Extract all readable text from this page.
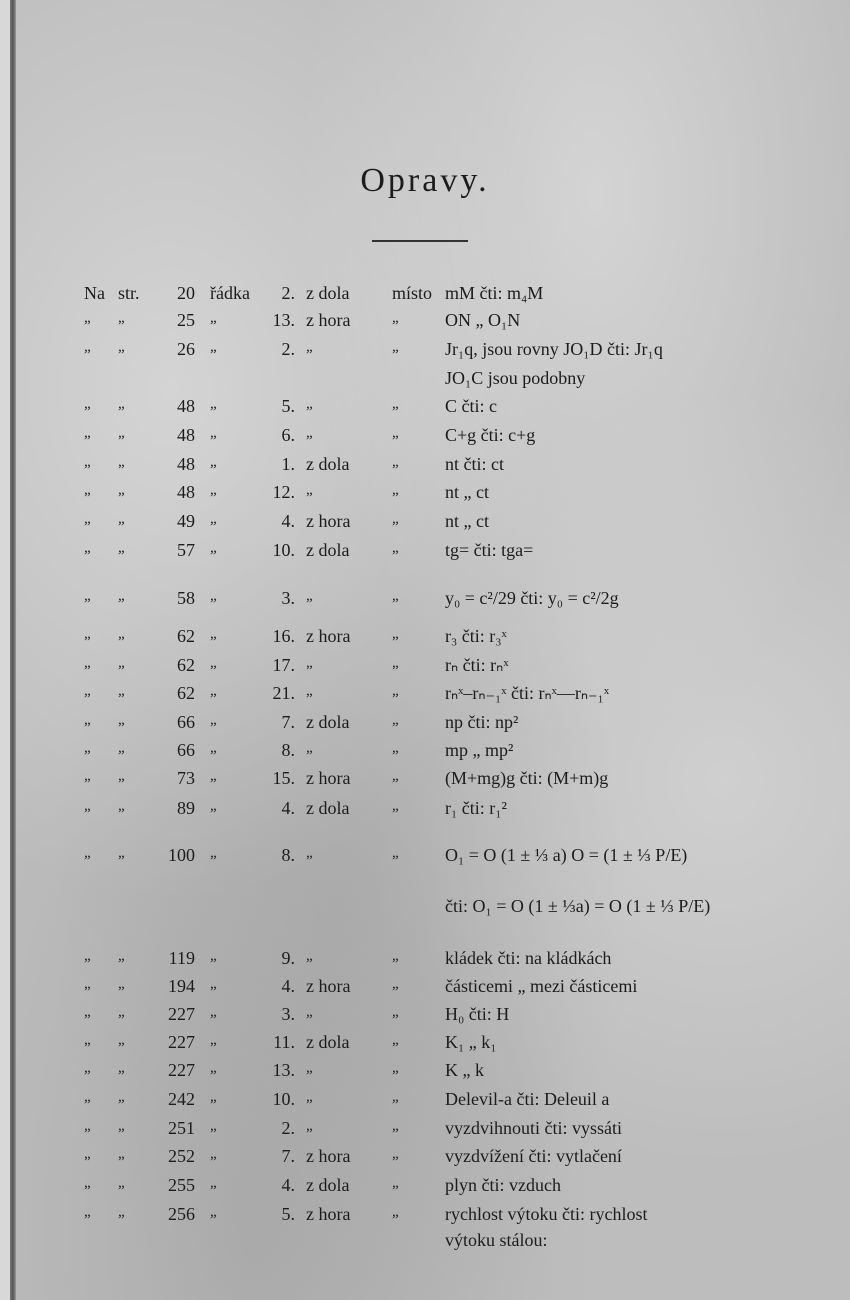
Opravy.
Na str.	20 řádka	2. z dola místo mM čti: m₄M
„ „	25 „	13. z hora	„	ON „ O₁N
„ „	26 „	2. „	„	Jr₁q, jsou rovny JO₁D čti: Jr₁q
JO₁C jsou podobny
„ „	48 „	5. „	„	C čti: c
„ „	48 „	6. „	„	C+g čti: c+g
„ „	48 „	1. z dola	„	nt čti: ct
„ „	48 „	12. „	„	nt „ ct
„ „	49 „	4. z hora	„	nt „ ct
„ „	57 „	10. z dola	„	tg= čti: tga=
„ „	58 „	3. „	„	y₀ = c²/29 čti: y₀ = c²/2g
„ „	62 „	16. z hora	„	r₃ čti: r₃ˣ
„ „	62 „	17. „	„	rₙ čti: rₙˣ
„ „	62 „	21. „	„	rₙˣ–rₙ₋₁ˣ čti: rₙˣ—rₙ₋₁ˣ
„ „	66 „	7. z dola	„	np čti: np²
„ „	66 „	8. „	„	mp „ mp²
„ „	73 „	15. z hora	„	(M+mg)g čti: (M+m)g
„ „	89 „	4. z dola	„	r₁ čti: r₁²
„ „	100 „	8. „	„	O₁ = O (1 ± ⅓ a) O = (1 ± ⅓ P/E)
čti: O₁ = O (1 ± ⅓a) = O (1 ± ⅓ P/E)
„ „	119 „	9. „	„	kládek čti: na kládkách
„ „	194 „	4. z hora	„	částicemi „ mezi částicemi
„ „	227 „	3. „	„	H₀ čti: H
„ „	227 „	11. z dola	„	K₁ „ k₁
„ „	227 „	13. „	„	K „ k
„ „	242 „	10. „	„	Delevil-a čti: Deleuil a
„ „	251 „	2. „	„	vyzdvihnouti čti: vyssáti
„ „	252 „	7. z hora	„	vyzdvížení čti: vytlačení
„ „	255 „	4. z dola	„	plyn čti: vzduch
„ „	256 „	5. z hora	„	rychlost výtoku čti: rychlost
výtoku stálou:
